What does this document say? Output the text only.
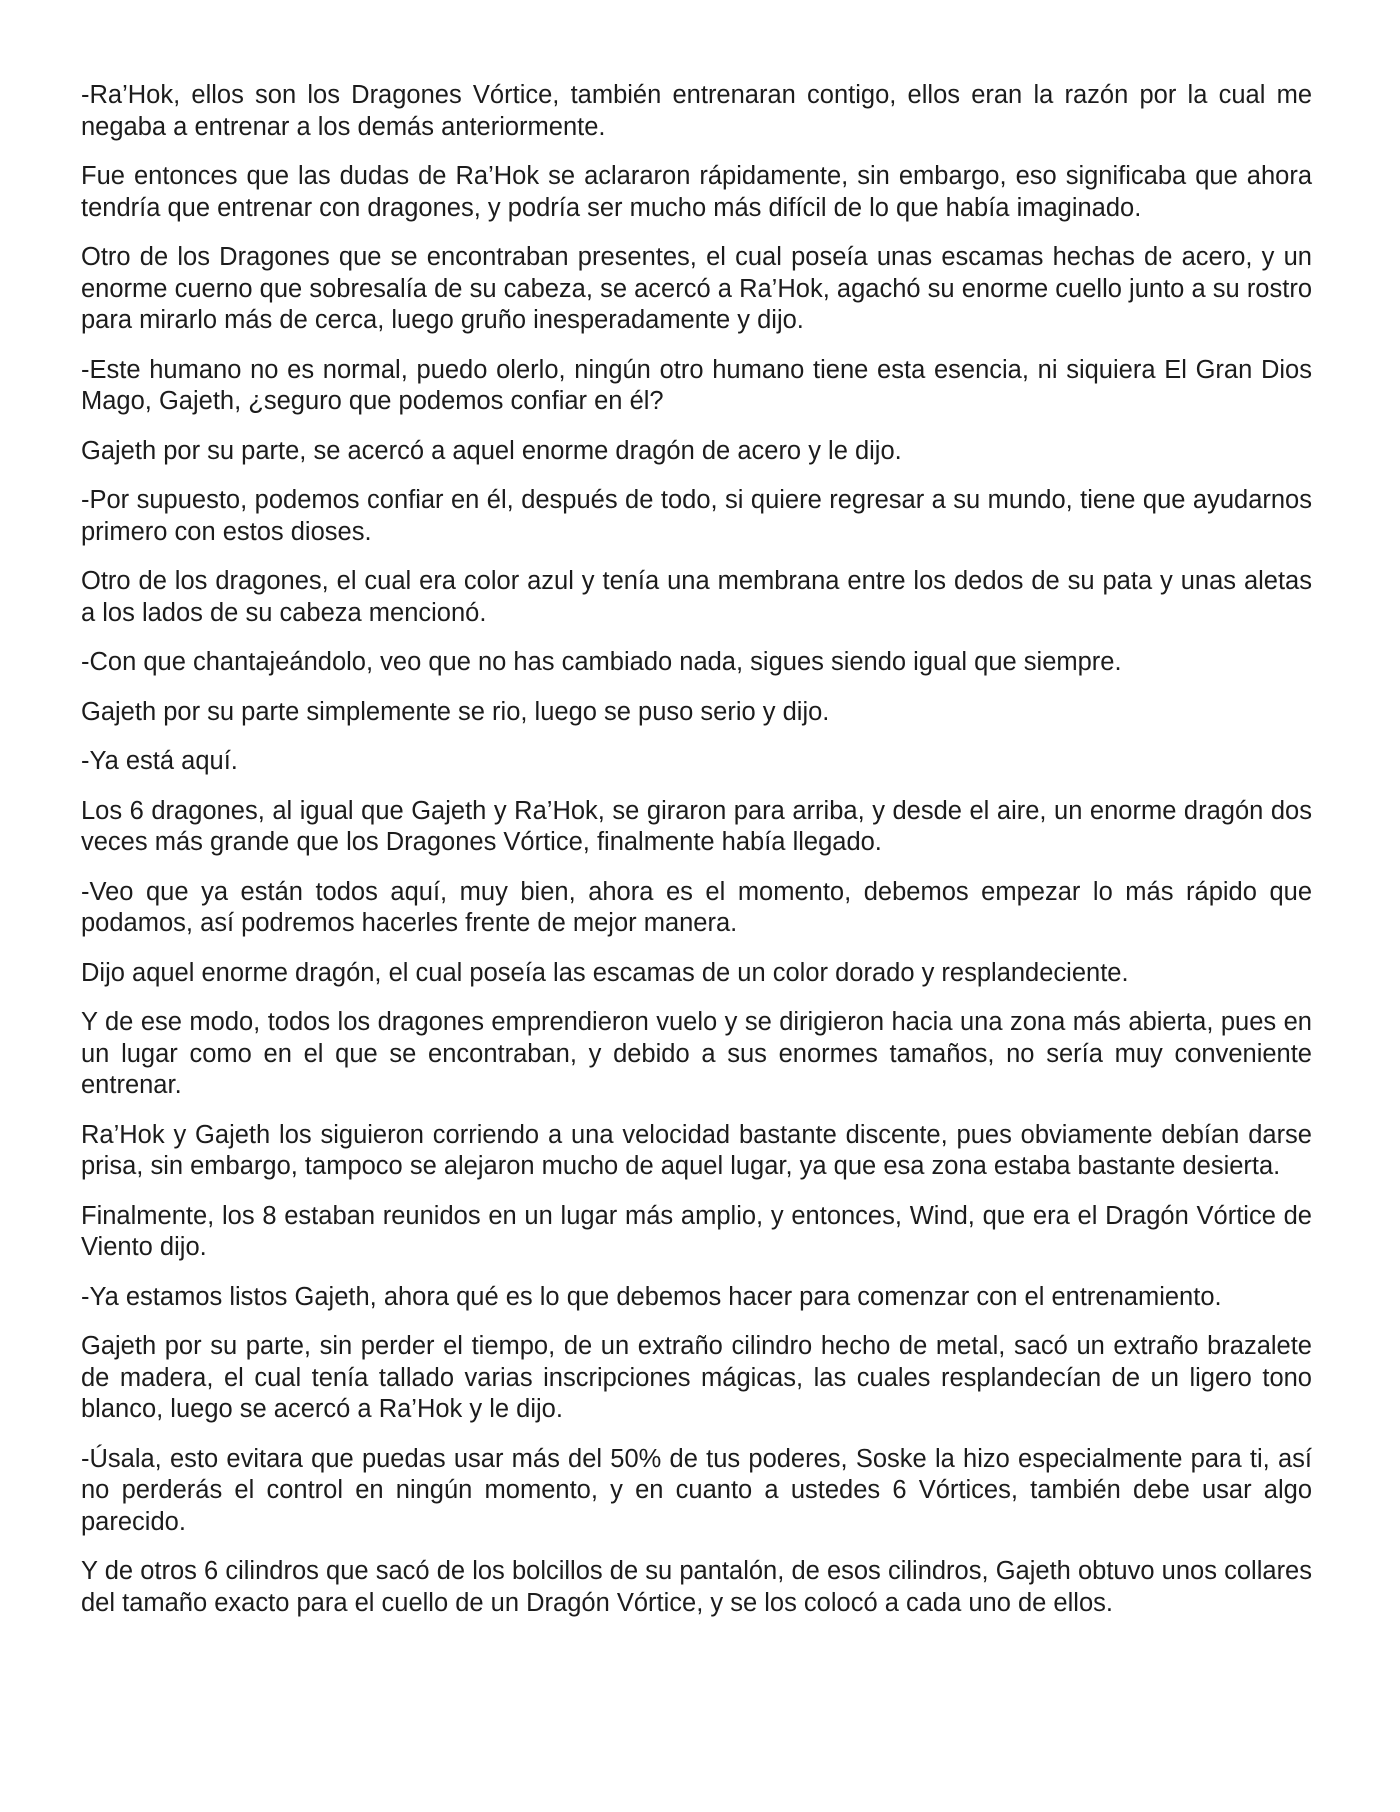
-Ra’Hok, ellos son los Dragones Vórtice, también entrenaran contigo, ellos eran la razón por la cual me negaba a entrenar a los demás anteriormente.

Fue entonces que las dudas de Ra’Hok se aclararon rápidamente, sin embargo, eso significaba que ahora tendría que entrenar con dragones, y podría ser mucho más difícil de lo que había imaginado.

Otro de los Dragones que se encontraban presentes, el cual poseía unas escamas hechas de acero, y un enorme cuerno que sobresalía de su cabeza, se acercó a Ra’Hok, agachó su enorme cuello junto a su rostro para mirarlo más de cerca, luego gruño inesperadamente y dijo.

-Este humano no es normal, puedo olerlo, ningún otro humano tiene esta esencia, ni siquiera El Gran Dios Mago, Gajeth, ¿seguro que podemos confiar en él?

Gajeth por su parte, se acercó a aquel enorme dragón de acero y le dijo.

-Por supuesto, podemos confiar en él, después de todo, si quiere regresar a su mundo, tiene que ayudarnos primero con estos dioses.

Otro de los dragones, el cual era color azul y tenía una membrana entre los dedos de su pata y unas aletas a los lados de su cabeza mencionó.

-Con que chantajeándolo, veo que no has cambiado nada, sigues siendo igual que siempre.

Gajeth por su parte simplemente se rio, luego se puso serio y dijo.

-Ya está aquí.

Los 6 dragones, al igual que Gajeth y Ra’Hok, se giraron para arriba, y desde el aire, un enorme dragón dos veces más grande que los Dragones Vórtice, finalmente había llegado.

-Veo que ya están todos aquí, muy bien, ahora es el momento, debemos empezar lo más rápido que podamos, así podremos hacerles frente de mejor manera.

Dijo aquel enorme dragón, el cual poseía las escamas de un color dorado y resplandeciente.

Y de ese modo, todos los dragones emprendieron vuelo y se dirigieron hacia una zona más abierta, pues en un lugar como en el que se encontraban, y debido a sus enormes tamaños, no sería muy conveniente entrenar.

Ra’Hok y Gajeth los siguieron corriendo a una velocidad bastante discente, pues obviamente debían darse prisa, sin embargo, tampoco se alejaron mucho de aquel lugar, ya que esa zona estaba bastante desierta.

Finalmente, los 8 estaban reunidos en un lugar más amplio, y entonces, Wind, que era el Dragón Vórtice de Viento dijo.

-Ya estamos listos Gajeth, ahora qué es lo que debemos hacer para comenzar con el entrenamiento.

Gajeth por su parte, sin perder el tiempo, de un extraño cilindro hecho de metal, sacó un extraño brazalete de madera, el cual tenía tallado varias inscripciones mágicas, las cuales resplandecían de un ligero tono blanco, luego se acercó a Ra’Hok y le dijo.

-Úsala, esto evitara que puedas usar más del 50% de tus poderes, Soske la hizo especialmente para ti, así no perderás el control en ningún momento, y en cuanto a ustedes 6 Vórtices, también debe usar algo parecido.

Y de otros 6 cilindros que sacó de los bolcillos de su pantalón, de esos cilindros, Gajeth obtuvo unos collares del tamaño exacto para el cuello de un Dragón Vórtice, y se los colocó a cada uno de ellos.
